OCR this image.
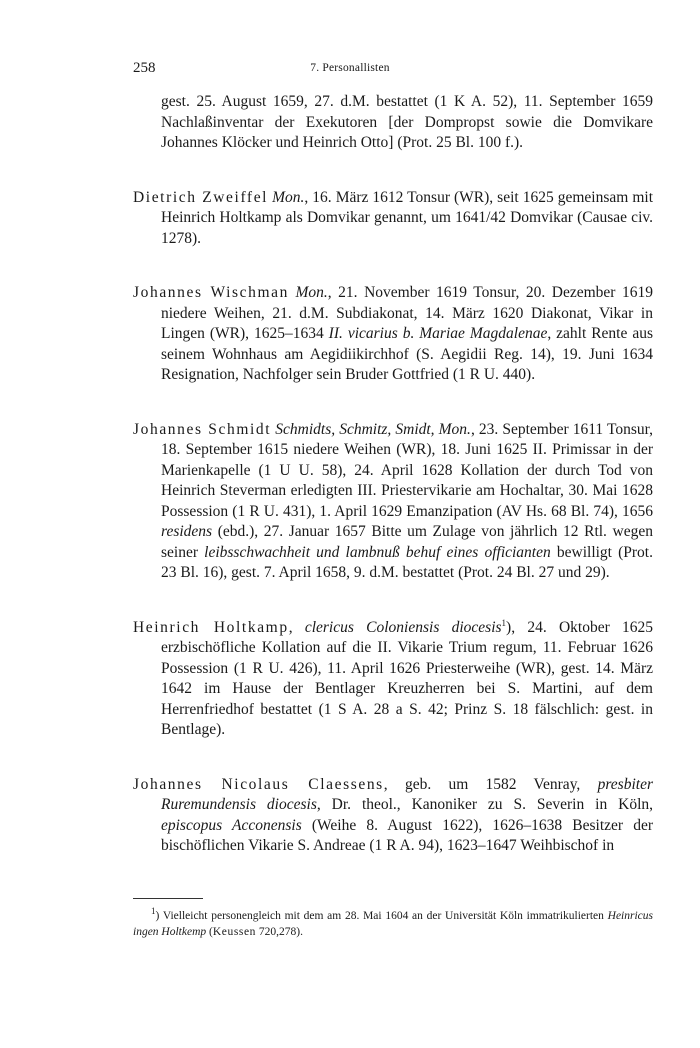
258	7. Personallisten

gest. 25. August 1659, 27. d.M. bestattet (1 K A. 52), 11. September 1659 Nachlaßinventar der Exekutoren [der Dompropst sowie die Domvikare Johannes Klöcker und Heinrich Otto] (Prot. 25 Bl. 100 f.).

Dietrich Zweiffel Mon., 16. März 1612 Tonsur (WR), seit 1625 gemeinsam mit Heinrich Holtkamp als Domvikar genannt, um 1641/42 Domvikar (Causae civ. 1278).

Johannes Wischman Mon., 21. November 1619 Tonsur, 20. Dezember 1619 niedere Weihen, 21. d.M. Subdiakonat, 14. März 1620 Diakonat, Vikar in Lingen (WR), 1625–1634 II. vicarius b. Mariae Magdalenae, zahlt Rente aus seinem Wohnhaus am Aegidiikirchhof (S. Aegidii Reg. 14), 19. Juni 1634 Resignation, Nachfolger sein Bruder Gottfried (1 R U. 440).

Johannes Schmidt Schmidts, Schmitz, Smidt, Mon., 23. September 1611 Tonsur, 18. September 1615 niedere Weihen (WR), 18. Juni 1625 II. Primissar in der Marienkapelle (1 U U. 58), 24. April 1628 Kollation der durch Tod von Heinrich Steverman erledigten III. Priestervikarie am Hochaltar, 30. Mai 1628 Possession (1 R U. 431), 1. April 1629 Emanzipation (AV Hs. 68 Bl. 74), 1656 residens (ebd.), 27. Januar 1657 Bitte um Zulage von jährlich 12 Rtl. wegen seiner leibsschwachheit und lambnuß behuf eines officianten bewilligt (Prot. 23 Bl. 16), gest. 7. April 1658, 9. d.M. bestattet (Prot. 24 Bl. 27 und 29).

Heinrich Holtkamp, clericus Coloniensis diocesis$^1$), 24. Oktober 1625 erzbischöfliche Kollation auf die II. Vikarie Trium regum, 11. Februar 1626 Possession (1 R U. 426), 11. April 1626 Priesterweihe (WR), gest. 14. März 1642 im Hause der Bentlager Kreuzherren bei S. Martini, auf dem Herrenfriedhof bestattet (1 S A. 28 a S. 42; Prinz S. 18 fälschlich: gest. in Bentlage).

Johannes Nicolaus Claessens, geb. um 1582 Venray, presbiter Ruremundensis diocesis, Dr. theol., Kanoniker zu S. Severin in Köln, episcopus Acconensis (Weihe 8. August 1622), 1626–1638 Besitzer der bischöflichen Vikarie S. Andreae (1 R A. 94), 1623–1647 Weihbischof in

$^1$) Vielleicht personengleich mit dem am 28. Mai 1604 an der Universität Köln immatrikulierten Heinricus ingen Holtkemp (Keussen 720,278).
